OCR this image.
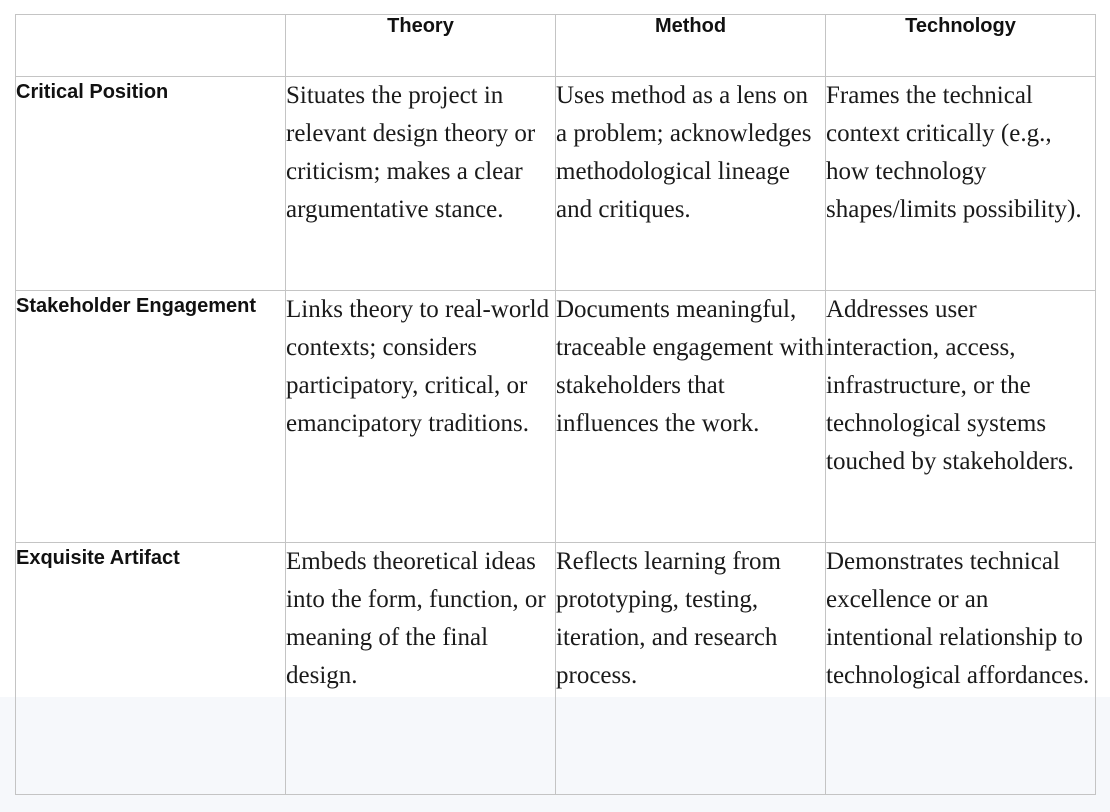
	Theory	Method	Technology
Critical Position	Situates the project in relevant design theory or criticism; makes a clear argumentative stance.	Uses method as a lens on a problem; acknowledges methodological lineage and critiques.	Frames the technical context critically (e.g., how technology shapes/limits possibility).
Stakeholder Engagement	Links theory to real-world contexts; considers participatory, critical, or emancipatory traditions.	Documents meaningful, traceable engagement with stakeholders that influences the work.	Addresses user interaction, access, infrastructure, or the technological systems touched by stakeholders.
Exquisite Artifact	Embeds theoretical ideas into the form, function, or meaning of the final design.	Reflects learning from prototyping, testing, iteration, and research process.	Demonstrates technical excellence or an intentional relationship to technological affordances.
